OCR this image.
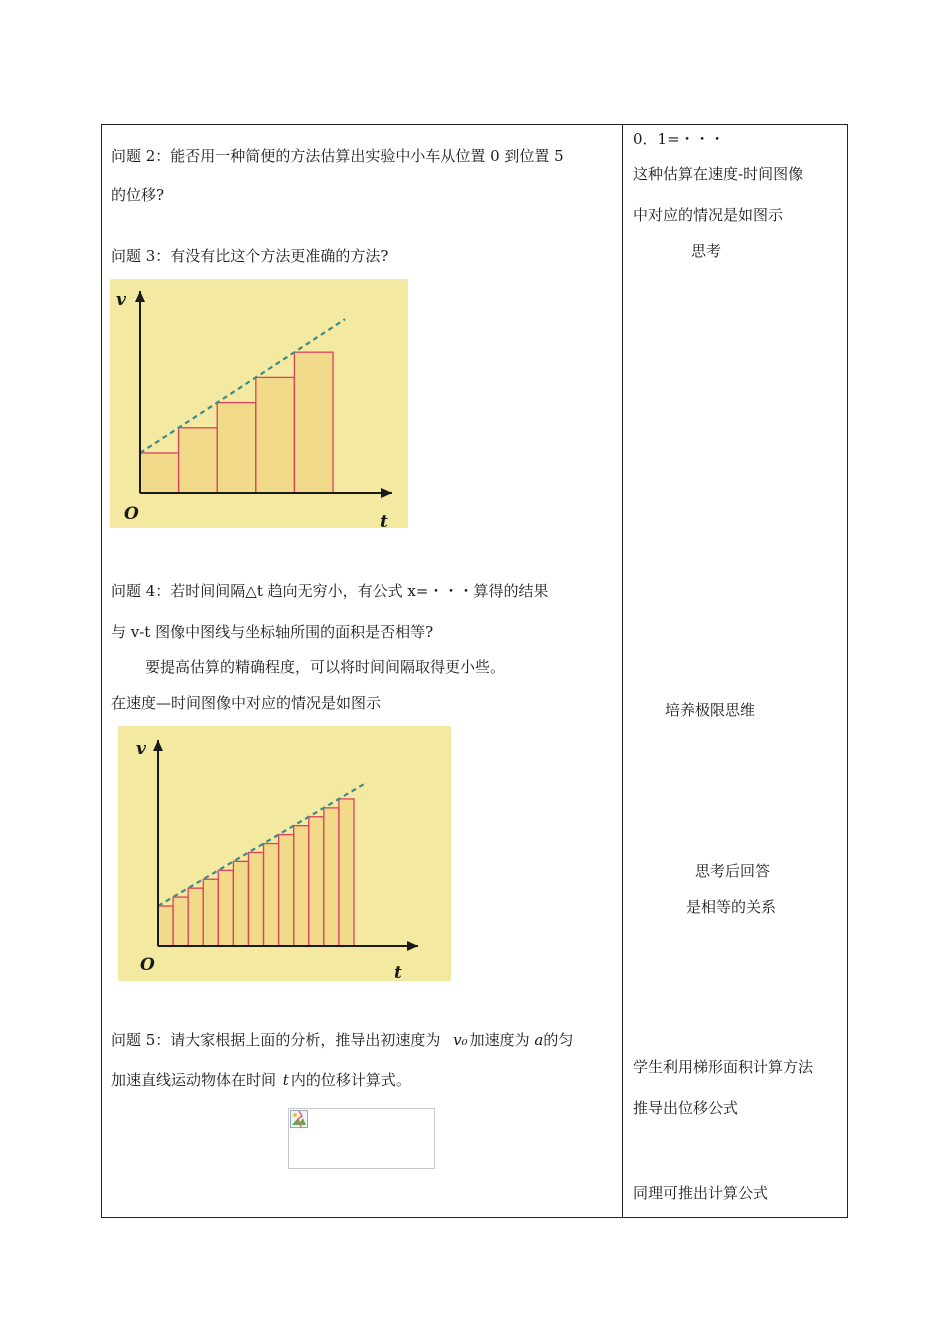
问题 2：能否用一种简便的方法估算出实验中小车从位置 0 到位置 5
的位移?
问题 3：有没有比这个方法更准确的方法?
v
t
O
问题 4：若时间间隔△t 趋向无穷小，有公式 x=・・・算得的结果
与 v-t 图像中图线与坐标轴所围的面积是否相等?
要提高估算的精确程度，可以将时间间隔取得更小些。
在速度—时间图像中对应的情况是如图示
v
t
O
问题 5：请大家根据上面的分析，推导出初速度为 v₀ 加速度为 a的匀
加速直线运动物体在时间 t 内的位移计算式。
0．1=・・・
这种估算在速度-时间图像
中对应的情况是如图示
思考
培养极限思维
思考后回答
是相等的关系
学生利用梯形面积计算方法
推导出位移公式
同理可推出计算公式
